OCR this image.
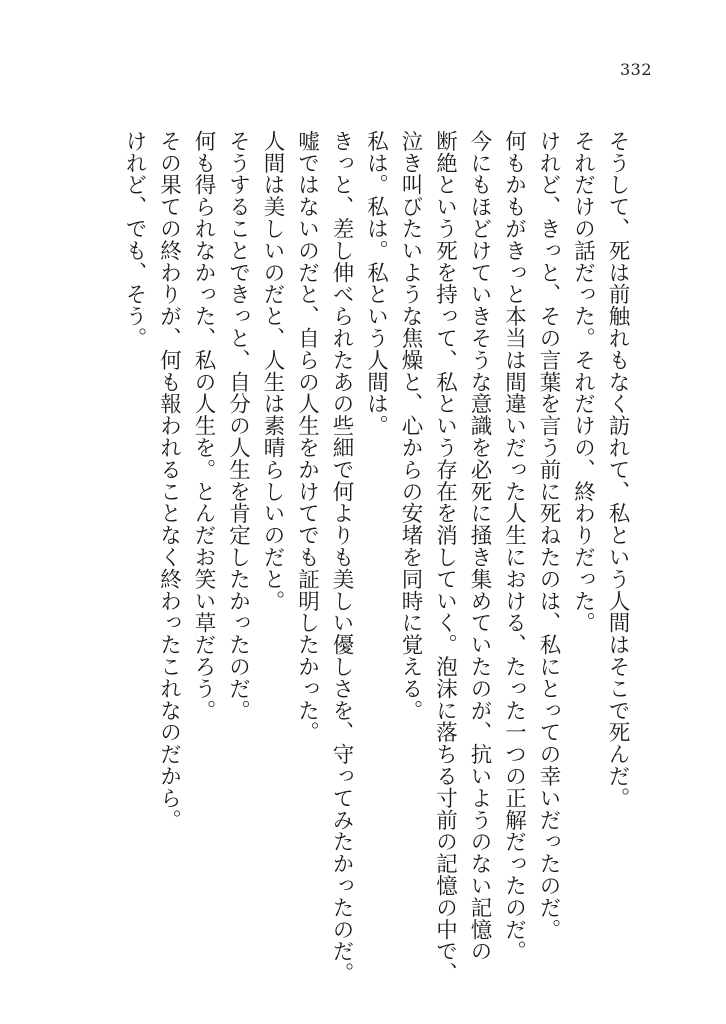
332
そうして、死は前触れもなく訪れて、私という人間はそこで死んだ。
それだけの話だった。それだけの、終わりだった。
けれど、きっと、その言葉を言う前に死ねたのは、私にとっての幸いだったのだ。
何もかもがきっと本当は間違いだった人生における、たった一つの正解だったのだ。
今にもほどけていきそうな意識を必死に掻き集めていたのが、抗いようのない記憶の
断絶という死を持って、私という存在を消していく。泡沫に落ちる寸前の記憶の中で、
泣き叫びたいような焦燥と、心からの安堵を同時に覚える。
私は。私は。私という人間は。
きっと、差し伸べられたあの些細で何よりも美しい優しさを、守ってみたかったのだ。
嘘ではないのだと、自らの人生をかけてでも証明したかった。
人間は美しいのだと、人生は素晴らしいのだと。
そうすることできっと、自分の人生を肯定したかったのだ。
何も得られなかった、私の人生を。とんだお笑い草だろう。
その果ての終わりが、何も報われることなく終わったこれなのだから。
けれど、でも、そう。
